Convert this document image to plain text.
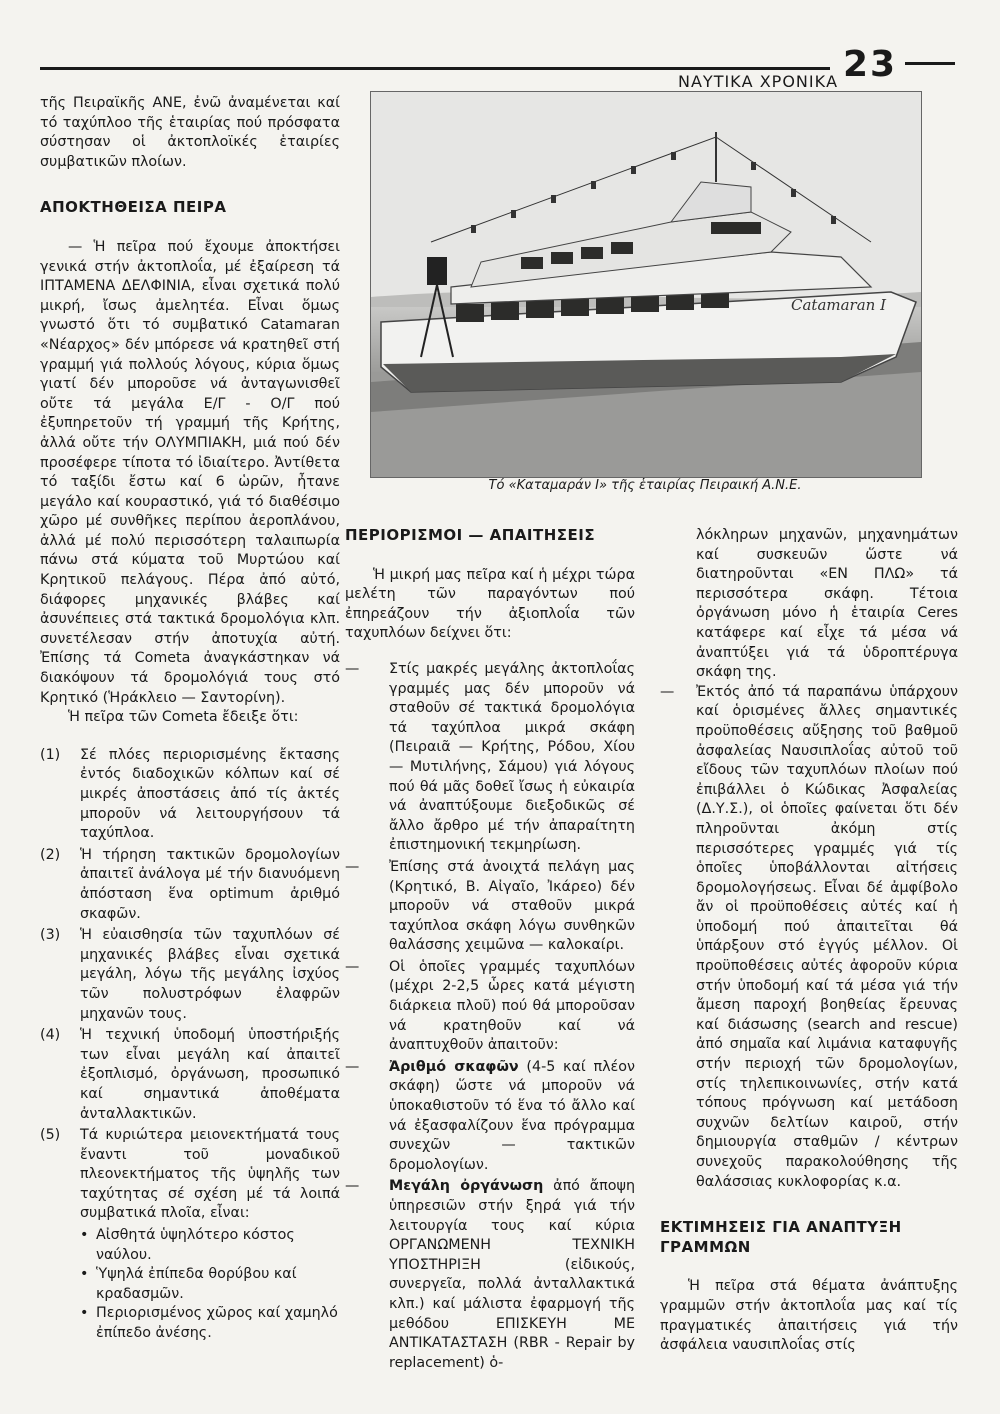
23
ΝΑΥΤΙΚΑ ΧΡΟΝΙΚΑ

τῆς Πειραϊκῆς ΑΝΕ, ἐνῶ ἀναμένεται καί τό ταχύπλοο τῆς ἑταιρίας πού πρόσφατα σύστησαν οἱ ἀκτοπλοϊκές ἑταιρίες συμβατικῶν πλοίων.

ΑΠΟΚΤΗΘΕΙΣΑ ΠΕΙΡΑ

— Ἡ πεῖρα πού ἔχουμε ἀποκτήσει γενικά στήν ἀκτοπλοΐα, μέ ἐξαίρεση τά ΙΠΤΑΜΕΝΑ ΔΕΛΦΙΝΙΑ, εἶναι σχετικά πολύ μικρή, ἴσως ἀμελητέα. Εἶναι ὅμως γνωστό ὅτι τό συμβατικό Catamaran «Νέαρχος» δέν μπόρεσε νά κρατηθεῖ στή γραμμή γιά πολλούς λόγους, κύρια ὅμως γιατί δέν μποροῦσε νά ἀνταγωνισθεῖ οὔτε τά μεγάλα Ε/Γ - Ο/Γ πού ἐξυπηρετοῦν τή γραμμή τῆς Κρήτης, ἀλλά οὔτε τήν ΟΛΥΜΠΙΑΚΗ, μιά πού δέν προσέφερε τίποτα τό ἰδιαίτερο. Ἀντίθετα τό ταξίδι ἔστω καί 6 ὡρῶν, ἦτανε μεγάλο καί κουραστικό, γιά τό διαθέσιμο χῶρο μέ συνθῆκες περίπου ἀεροπλάνου, ἀλλά μέ πολύ περισσότερη ταλαιπωρία πάνω στά κύματα τοῦ Μυρτώου καί Κρητικοῦ πελάγους. Πέρα ἀπό αὐτό, διάφορες μηχανικές βλάβες καί ἀσυνέπειες στά τακτικά δρομολόγια κλπ. συνετέλεσαν στήν ἀποτυχία αὐτή. Ἐπίσης τά Cometa ἀναγκάστηκαν νά διακόψουν τά δρομολόγιά τους στό Κρητικό (Ἡράκλειο — Σαντορίνη).

Ἡ πεῖρα τῶν Cometa ἔδειξε ὅτι:

(1)	Σέ πλόες περιορισμένης ἔκτασης ἐντός διαδοχικῶν κόλπων καί σέ μικρές ἀποστάσεις ἀπό τίς ἀκτές μποροῦν νά λειτουργήσουν τά ταχύπλοα.
(2)	Ἡ τήρηση τακτικῶν δρομολογίων ἀπαιτεῖ ἀνάλογα μέ τήν διανυόμενη ἀπόσταση ἕνα optimum ἀριθμό σκαφῶν.
(3)	Ἡ εὐαισθησία τῶν ταχυπλόων σέ μηχανικές βλάβες εἶναι σχετικά μεγάλη, λόγω τῆς μεγάλης ἰσχύος τῶν πολυστρόφων ἐλαφρῶν μηχανῶν τους.
(4)	Ἡ τεχνική ὑποδομή ὑποστήριξής των εἶναι μεγάλη καί ἀπαιτεῖ ἐξοπλισμό, ὀργάνωση, προσωπικό καί σημαντικά ἀποθέματα ἀνταλλακτικῶν.
(5)	Τά κυριώτερα μειονεκτήματά τους ἔναντι τοῦ μοναδικοῦ πλεονεκτήματος τῆς ὑψηλῆς των ταχύτητας σέ σχέση μέ τά λοιπά συμβατικά πλοῖα, εἶναι:
• Αἰσθητά ὑψηλότερο κόστος ναύλου.
• Ὑψηλά ἐπίπεδα θορύβου καί κραδασμῶν.
• Περιορισμένος χῶρος καί χαμηλό ἐπίπεδο ἀνέσης.
Catamaran I
Τό «Καταμαράν Ι» τῆς ἑταιρίας Πειραική Α.Ν.Ε.
ΠΕΡΙΟΡΙΣΜΟΙ — ΑΠΑΙΤΗΣΕΙΣ

Ἡ μικρή μας πεῖρα καί ἡ μέχρι τώρα μελέτη τῶν παραγόντων πού ἐπηρεάζουν τήν ἀξιοπλοΐα τῶν ταχυπλόων δείχνει ὅτι:

—	Στίς μακρές μεγάλης ἀκτοπλοΐας γραμμές μας δέν μποροῦν νά σταθοῦν σέ τακτικά δρομολόγια τά ταχύπλοα μικρά σκάφη (Πειραιᾶ — Κρήτης, Ρόδου, Χίου — Μυτιλήνης, Σάμου) γιά λόγους πού θά μᾶς δοθεῖ ἴσως ἡ εὐκαιρία νά ἀναπτύξουμε διεξοδικῶς σέ ἄλλο ἄρθρο μέ τήν ἀπαραίτητη ἐπιστημονική τεκμηρίωση.
—	Ἐπίσης στά ἀνοιχτά πελάγη μας (Κρητικό, Β. Αἰγαῖο, Ἰκάρεο) δέν μποροῦν νά σταθοῦν μικρά ταχύπλοα σκάφη λόγω συνθηκῶν θαλάσσης χειμῶνα — καλοκαίρι.
—	Οἱ ὁποῖες γραμμές ταχυπλόων (μέχρι 2-2,5 ὧρες κατά μέγιστη διάρκεια πλοῦ) πού θά μποροῦσαν νά κρατηθοῦν καί νά ἀναπτυχθοῦν ἀπαιτοῦν:
—	Ἀριθμό σκαφῶν (4-5 καί πλέον σκάφη) ὥστε νά μποροῦν νά ὑποκαθιστοῦν τό ἕνα τό ἄλλο καί νά ἐξασφαλίζουν ἕνα πρόγραμμα συνεχῶν — τακτικῶν δρομολογίων.
—	Μεγάλη ὀργάνωση ἀπό ἄποψη ὑπηρεσιῶν στήν ξηρά γιά τήν λειτουργία τους καί κύρια ΟΡΓΑΝΩΜΕΝΗ ΤΕΧΝΙΚΗ ΥΠΟΣΤΗΡΙΞΗ (εἰδικούς, συνεργεῖα, πολλά ἀνταλλακτικά κλπ.) καί μάλιστα ἐφαρμογή τῆς μεθόδου ΕΠΙΣΚΕΥΗ ΜΕ ΑΝΤΙΚΑΤΑΣΤΑΣΗ (RBR - Repair by replacement) ὁ-

λόκληρων μηχανῶν, μηχανημάτων καί συσκευῶν ὥστε νά διατηροῦνται «ΕΝ ΠΛΩ» τά περισσότερα σκάφη. Τέτοια ὀργάνωση μόνο ἡ ἑταιρία Ceres κατάφερε καί εἶχε τά μέσα νά ἀναπτύξει γιά τά ὑδροπτέρυγα σκάφη της.

—	Ἐκτός ἀπό τά παραπάνω ὑπάρχουν καί ὁρισμένες ἄλλες σημαντικές προϋποθέσεις αὔξησης τοῦ βαθμοῦ ἀσφαλείας Ναυσιπλοΐας αὐτοῦ τοῦ εἴδους τῶν ταχυπλόων πλοίων πού ἐπιβάλλει ὁ Κώδικας Ἀσφαλείας (Δ.Υ.Σ.), οἱ ὁποῖες φαίνεται ὅτι δέν πληροῦνται ἀκόμη στίς περισσότερες γραμμές γιά τίς ὁποῖες ὑποβάλλονται αἰτήσεις δρομολογήσεως. Εἶναι δέ ἀμφίβολο ἄν οἱ προϋποθέσεις αὐτές καί ἡ ὑποδομή πού ἀπαιτεῖται θά ὑπάρξουν στό ἐγγύς μέλλον. Οἱ προϋποθέσεις αὐτές ἀφοροῦν κύρια στήν ὑποδομή καί τά μέσα γιά τήν ἄμεση παροχή βοηθείας ἔρευνας καί διάσωσης (search and rescue) ἀπό σημαῖα καί λιμάνια καταφυγῆς στήν περιοχή τῶν δρομολογίων, στίς τηλεπικοινωνίες, στήν κατά τόπους πρόγνωση καί μετάδοση συχνῶν δελτίων καιροῦ, στήν δημιουργία σταθμῶν / κέντρων συνεχοῦς παρακολούθησης τῆς θαλάσσιας κυκλοφορίας κ.α.
ΕΚΤΙΜΗΣΕΙΣ ΓΙΑ ΑΝΑΠΤΥΞΗ ΓΡΑΜΜΩΝ

Ἡ πεῖρα στά θέματα ἀνάπτυξης γραμμῶν στήν ἀκτοπλοΐα μας καί τίς πραγματικές ἀπαιτήσεις γιά τήν ἀσφάλεια ναυσιπλοΐας στίς
